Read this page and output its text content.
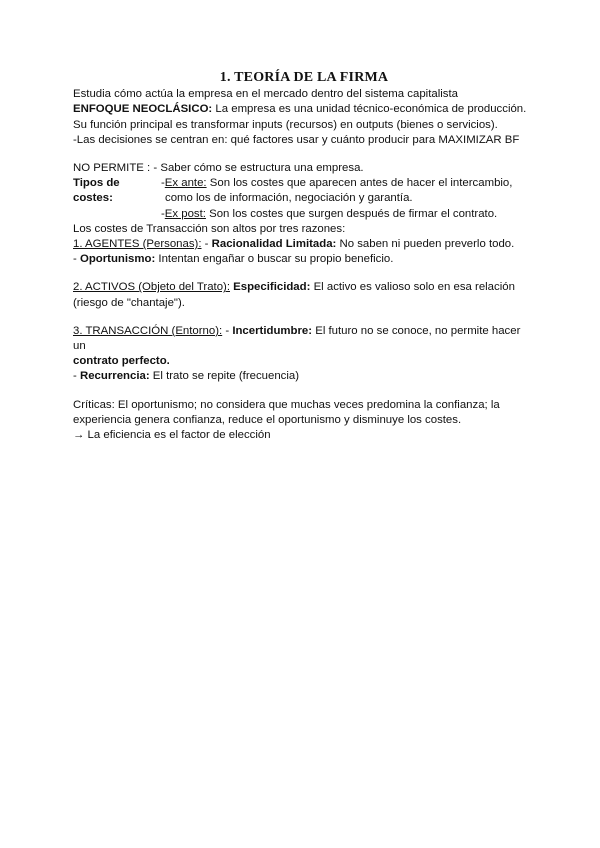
1. TEORÍA DE LA FIRMA

Estudia cómo actúa la empresa en el mercado dentro del sistema capitalista

ENFOQUE NEOCLÁSICO: La empresa es una unidad técnico-económica de producción.

Su función principal es transformar inputs (recursos) en outputs (bienes o servicios).

-Las decisiones se centran en: qué factores usar y cuánto producir para MAXIMIZAR BF

NO PERMITE : - Saber cómo se estructura una empresa.

Tipos de costes:
-Ex ante: Son los costes que aparecen antes de hacer el intercambio,
como los de información, negociación y garantía.
-Ex post: Son los costes que surgen después de firmar el contrato.

Los costes de Transacción son altos por tres razones:

1. AGENTES (Personas): - Racionalidad Limitada: No saben ni pueden preverlo todo.

- Oportunismo: Intentan engañar o buscar su propio beneficio.

2. ACTIVOS (Objeto del Trato): Especificidad: El activo es valioso solo en esa relación

(riesgo de "chantaje").

3. TRANSACCIÓN (Entorno): - Incertidumbre: El futuro no se conoce, no permite hacer un

contrato perfecto.

- Recurrencia: El trato se repite (frecuencia)

Críticas: El oportunismo; no considera que muchas veces predomina la confianza; la experiencia genera confianza, reduce el oportunismo y disminuye los costes.

→ La eficiencia es el factor de elección
